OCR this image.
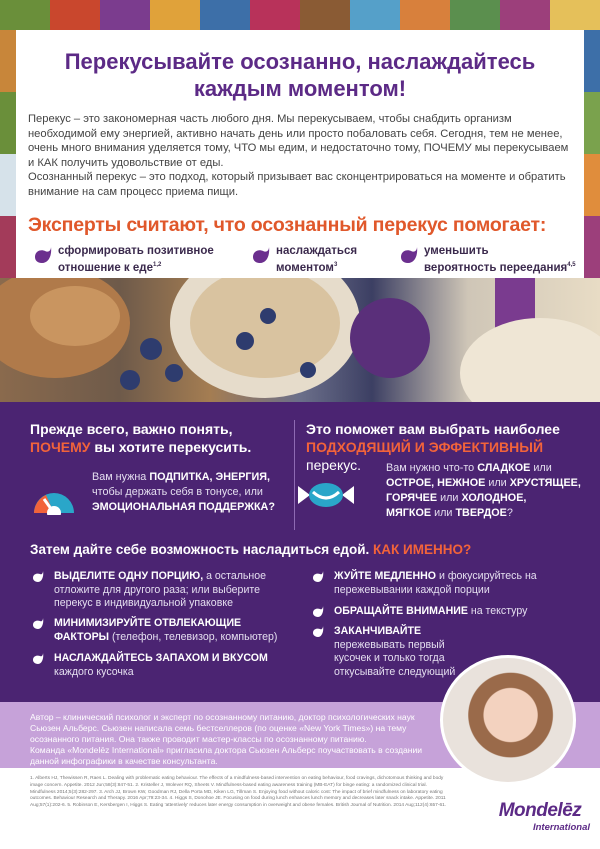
Перекусывайте осознанно, наслаждайтесь каждым моментом!

Перекус – это закономерная часть любого дня. Мы перекусываем, чтобы снабдить организм необходимой ему энергией, активно начать день или просто побаловать себя. Сегодня, тем не менее, очень много внимания уделяется тому, ЧТО мы едим, и недостаточно тому, ПОЧЕМУ мы перекусываем и КАК получить удовольствие от еды.

Осознанный перекус – это подход, который призывает вас сконцентрироваться на моменте и обратить внимание на сам процесс приема пищи.

Эксперты считают, что осознанный перекус помогает:
сформировать позитивное
отношение к еде$^{1,2}$
наслаждаться
моментом$^3$
уменьшить
вероятность переедания$^{4,5}$
Прежде всего, важно понять,
ПОЧЕМУ вы хотите перекусить.
Это поможет вам выбрать наиболее
ПОДХОДЯЩИЙ И ЭФФЕКТИВНЫЙ
перекус.
Вам нужна ПОДПИТКА, ЭНЕРГИЯ,
чтобы держать себя в тонусе, или
ЭМОЦИОНАЛЬНАЯ ПОДДЕРЖКА?
Вам нужно что-то СЛАДКОЕ или
ОСТРОЕ, НЕЖНОЕ или ХРУСТЯЩЕЕ,
ГОРЯЧЕЕ или ХОЛОДНОЕ,
МЯГКОЕ или ТВЕРДОЕ?
Затем дайте себе возможность насладиться едой. КАК ИМЕННО?
ВЫДЕЛИТЕ ОДНУ ПОРЦИЮ, а остальное отложите для другого раза; или выберите перекус в индивидуальной упаковке
МИНИМИЗИРУЙТЕ ОТВЛЕКАЮЩИЕ ФАКТОРЫ (телефон, телевизор, компьютер)
НАСЛАЖДАЙТЕСЬ ЗАПАХОМ И ВКУСОМ
каждого кусочка
ЖУЙТЕ МЕДЛЕННО и фокусируйтесь на пережевывании каждой порции
ОБРАЩАЙТЕ ВНИМАНИЕ на текстуру
ЗАКАНЧИВАЙТЕ пережевывать первый кусочек и только тогда откусывайте следующий
Автор – клинический психолог и эксперт по осознанному питанию, доктор психологических наук Сьюзен Альберс. Сьюзен написала семь бестселлеров (по оценке «New York Times») на тему осознанного питания. Она также проводит мастер-классы по осознанному питанию.
Команда «Mondelēz International» пригласила доктора Сьюзен Альберс поучаствовать в создании данной инфографики в качестве консультанта.
1. Alberts HJ, Thewissen R, Raes L. Dealing with problematic eating behaviour. The effects of a mindfulness-based intervention on eating behaviour, food cravings, dichotomous thinking and body image concern. Appetite. 2012 Jun;58(3):847-51. 2. Kristeller J, Wolever RQ, Sheets V. Mindfulness-based eating awareness training (MB-EAT) for binge eating: a randomized clinical trial. Mindfulness 2014;5(3):282-297. 3. Arch JJ, Brown KW, Goodman RJ, Della Porta MD, Kiken LG, Tillman S. Enjoying food without caloric cost: The impact of brief mindfulness on laboratory eating outcomes. Behaviour Research and Therapy. 2016 Apr;79:23-34. 4. Higgs S, Donohoe JE. Focusing on food during lunch enhances lunch memory and decreases later snack intake. Appetite. 2011 Aug;57(1):202-6. 5. Robinson E, Kersbergen I, Higgs S. Eating 'attentively' reduces later energy consumption in overweight and obese females. British Journal of Nutrition. 2014 Aug;112(4):657-61.	Mondelēz
International
